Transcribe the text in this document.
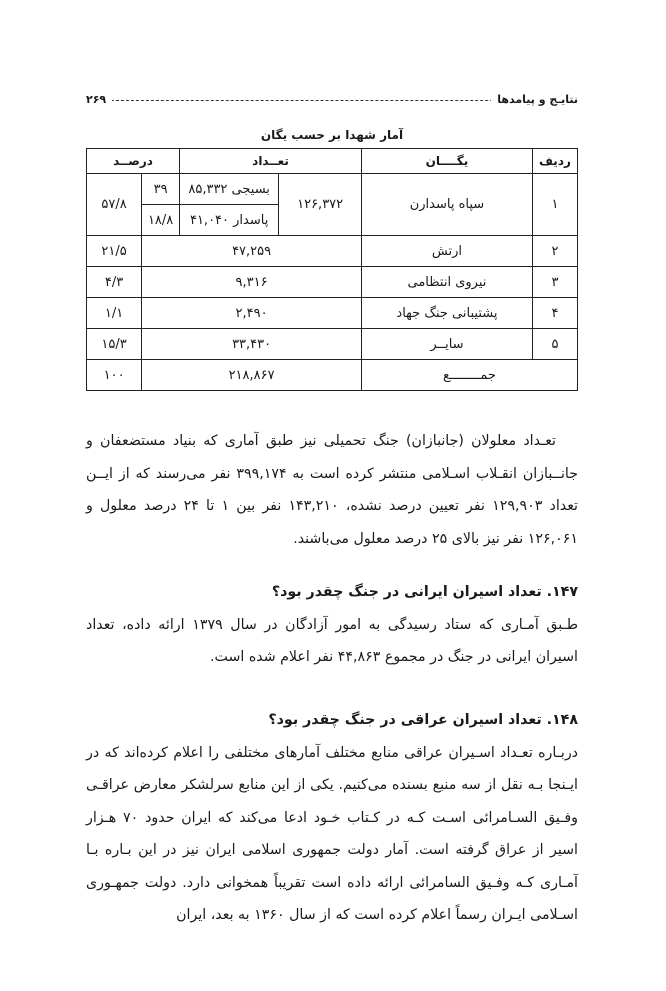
نتایـج و پیامدها
۲۶۹
آمار شهدا بر حسب یگان
ردیف	یگــــان	تعــداد		درصــد	
۱	سپاه پاسدارن	۱۲۶,۳۷۲	بسیجی ۸۵,۳۳۲	۳۹	۵۷/۸
			پاسدار ۴۱,۰۴۰	۱۸/۸	
۲	ارتش	۴۷,۲۵۹			۲۱/۵
۳	نیروی انتظامی	۹,۳۱۶			۴/۳
۴	پشتیبانی جنگ جهاد	۲,۴۹۰			۱/۱
۵	سایــر	۳۳,۴۳۰			۱۵/۳
جمــــــــع		۲۱۸,۸۶۷			۱۰۰

تعـداد معلولان (جانبازان) جنگ تحمیلی نیز طبق آماری که بنیاد مستضعفان و جانــبازان انقـلاب اسـلامی منتشر کرده است به ۳۹۹,۱۷۴ نفر می‌رسند که از ایــن تعداد ۱۲۹,۹۰۳ نفر تعیین درصد نشده، ۱۴۳,۲۱۰ نفر بین ۱ تا ۲۴ درصد معلول و ۱۲۶,۰۶۱ نفر نیز بالای ۲۵ درصد معلول می‌باشند.

۱۴۷. تعداد اسیران ایرانی در جنگ چقدر بود؟

طـبق آمـاری که ستاد رسیدگی به امور آزادگان در سال ۱۳۷۹ ارائه داده، تعداد اسیران ایرانی در جنگ در مجموع ۴۴,۸۶۳ نفر اعلام شده است.

۱۴۸. تعداد اسیران عراقی در جنگ چقدر بود؟

دربـاره تعـداد اسـیران عراقی منابع مختلف آمارهای مختلفی را اعلام کرده‌اند که در ایـنجا بـه نقل از سه منبع بسنده می‌کنیم. یکی از این منابع سرلشکر معارض عراقـی وفـیق السـامرائی اسـت کـه در کـتاب خـود ادعا می‌کند که ایران حدود ۷۰ هـزار اسیر از عراق گرفته است. آمار دولت جمهوری اسلامی ایران نیز در این بـاره بـا آمـاری کـه وفـیق السامرائی ارائه داده است تقریباً همخوانی دارد. دولت جمهـوری اسـلامی ایـران رسماً اعلام کرده است که از سال ۱۳۶۰ به بعد، ایران
